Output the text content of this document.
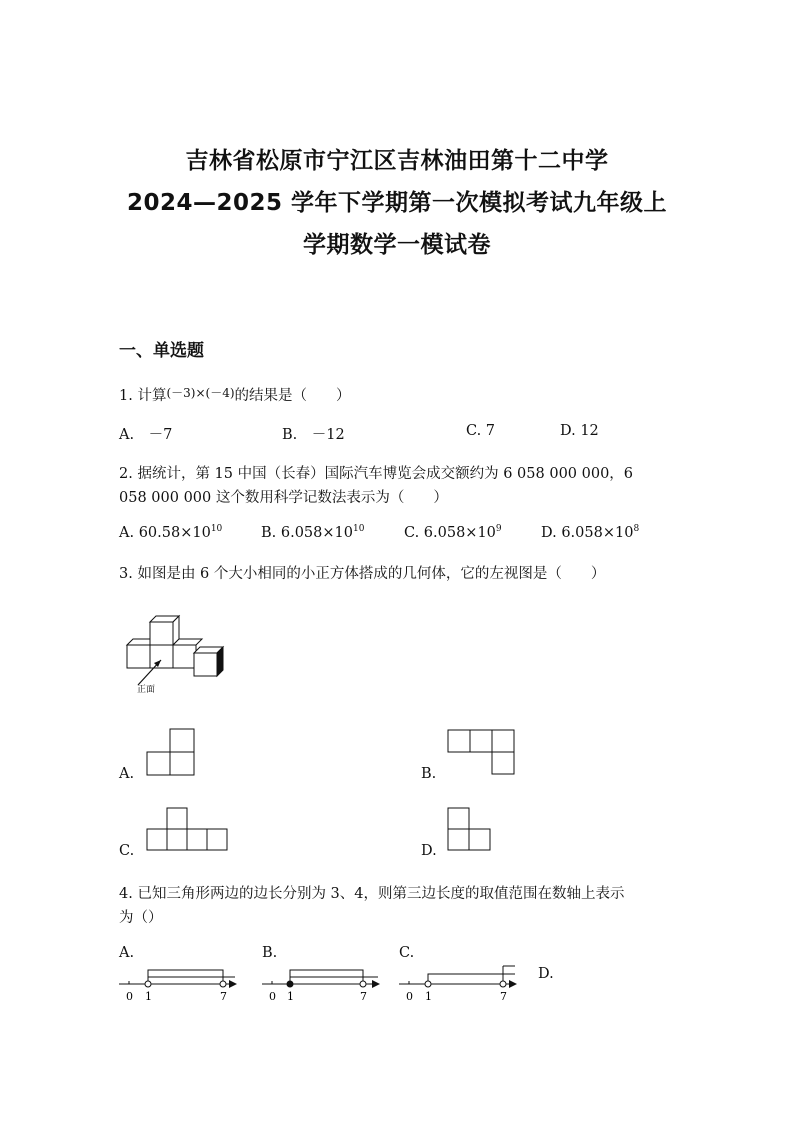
吉林省松原市宁江区吉林油田第十二中学
2024—2025 学年下学期第一次模拟考试九年级上
学期数学一模试卷
一、单选题
1. 计算$^{(-3)\times(-4)}$的结果是（　　）
A.　－7	B.　－12	C. 7	D. 12
2. 据统计，第 15 中国（长春）国际汽车博览会成交额约为 6 058 000 000，6
058 000 000 这个数用科学记数法表示为（　　）
A. $60.58\times 10^{10}$	B. $6.058\times 10^{10}$	C. $6.058\times 10^9$	D. $6.058\times 10^8$
3. 如图是由 6 个大小相同的小正方体搭成的几何体，它的左视图是（　　）
正面
A.	B.
C.	D.
4. 已知三角形两边的边长分别为 3、4，则第三边长度的取值范围在数轴上表示
为（）
A.	B.	C.
D.
0 1	7	0 1	7	0 1	7
